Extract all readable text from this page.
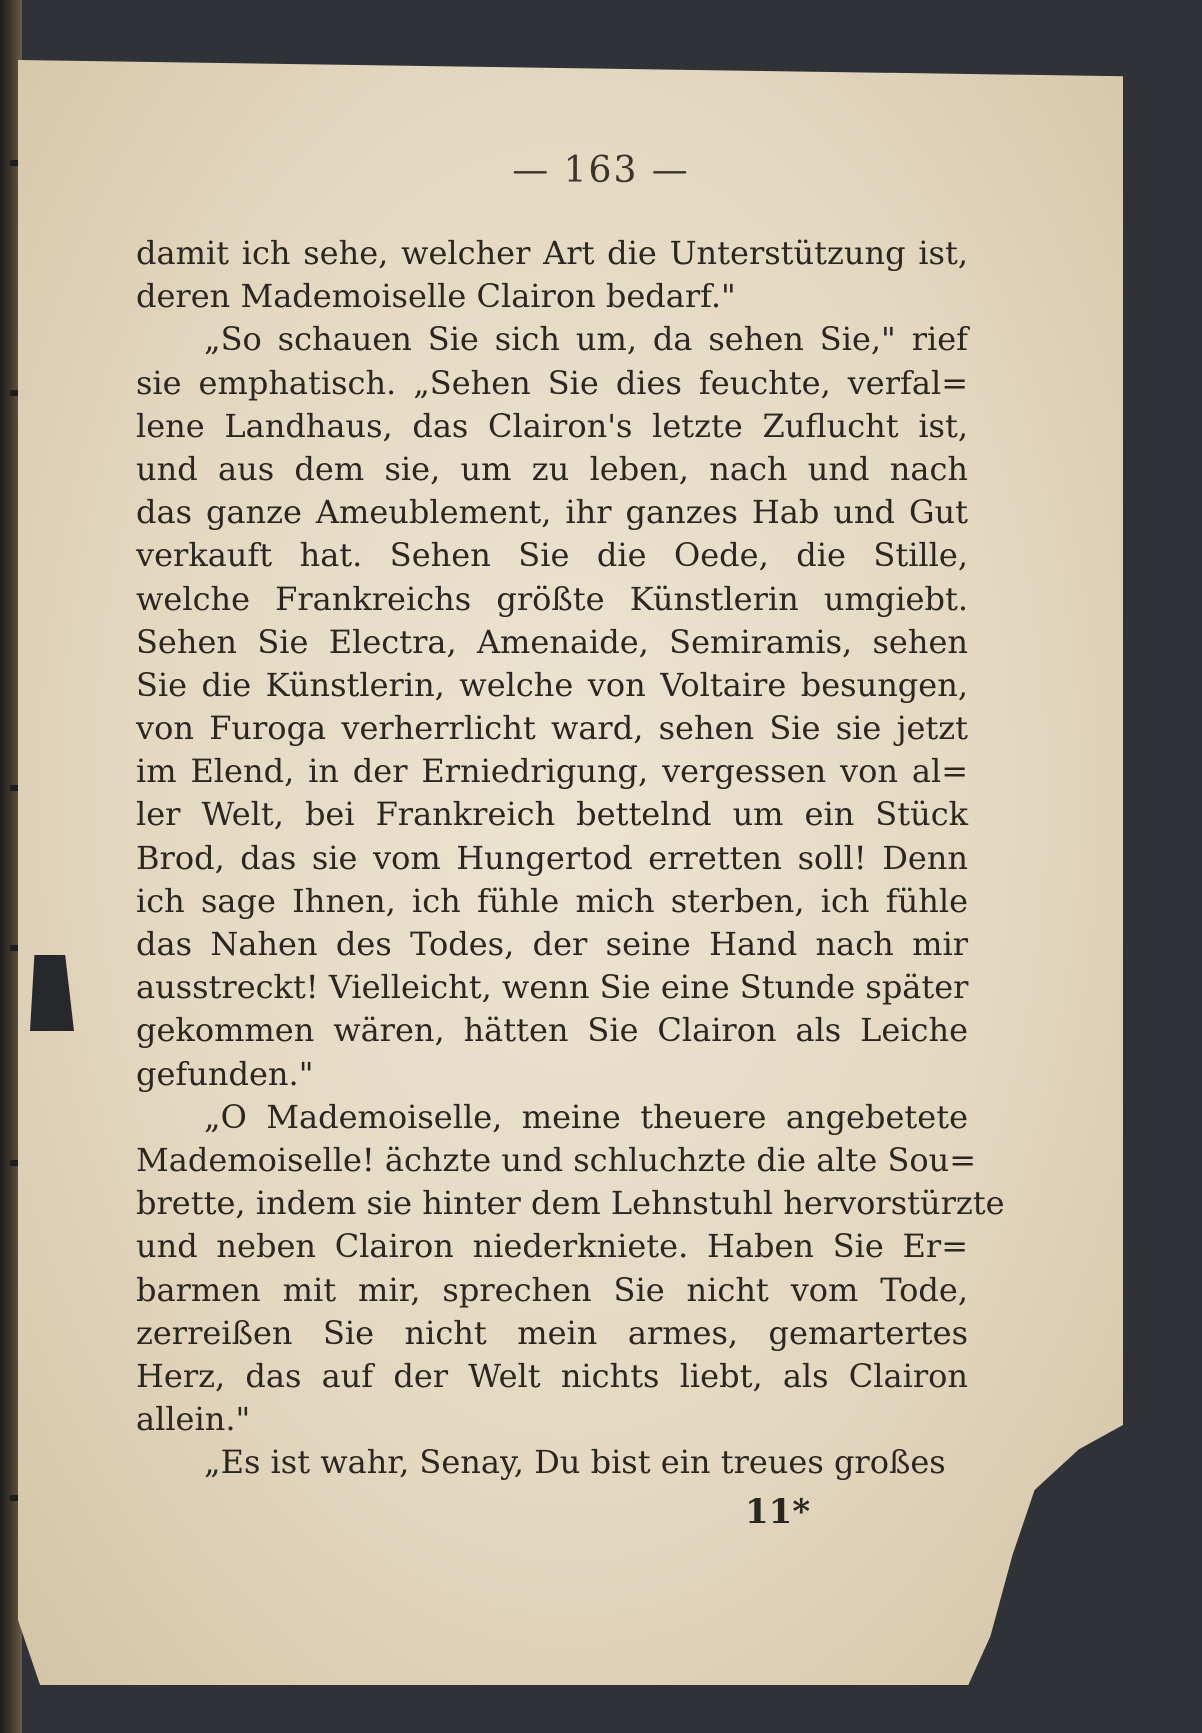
— 163 —
damit ich sehe, welcher Art die Unterstützung ist,
deren Mademoiselle Clairon bedarf."
„So schauen Sie sich um, da sehen Sie," rief
sie emphatisch. „Sehen Sie dies feuchte, verfal=
lene Landhaus, das Clairon's letzte Zuflucht ist,
und aus dem sie, um zu leben, nach und nach
das ganze Ameublement, ihr ganzes Hab und Gut
verkauft hat. Sehen Sie die Oede, die Stille,
welche Frankreichs größte Künstlerin umgiebt.
Sehen Sie Electra, Amenaide, Semiramis, sehen
Sie die Künstlerin, welche von Voltaire besungen,
von Furoga verherrlicht ward, sehen Sie sie jetzt
im Elend, in der Erniedrigung, vergessen von al=
ler Welt, bei Frankreich bettelnd um ein Stück
Brod, das sie vom Hungertod erretten soll! Denn
ich sage Ihnen, ich fühle mich sterben, ich fühle
das Nahen des Todes, der seine Hand nach mir
ausstreckt! Vielleicht, wenn Sie eine Stunde später
gekommen wären, hätten Sie Clairon als Leiche
gefunden."
„O Mademoiselle, meine theuere angebetete
Mademoiselle! ächzte und schluchzte die alte Sou=
brette, indem sie hinter dem Lehnstuhl hervorstürzte
und neben Clairon niederkniete. Haben Sie Er=
barmen mit mir, sprechen Sie nicht vom Tode,
zerreißen Sie nicht mein armes, gemartertes
Herz, das auf der Welt nichts liebt, als Clairon
allein."
„Es ist wahr, Senay, Du bist ein treues großes
11*
